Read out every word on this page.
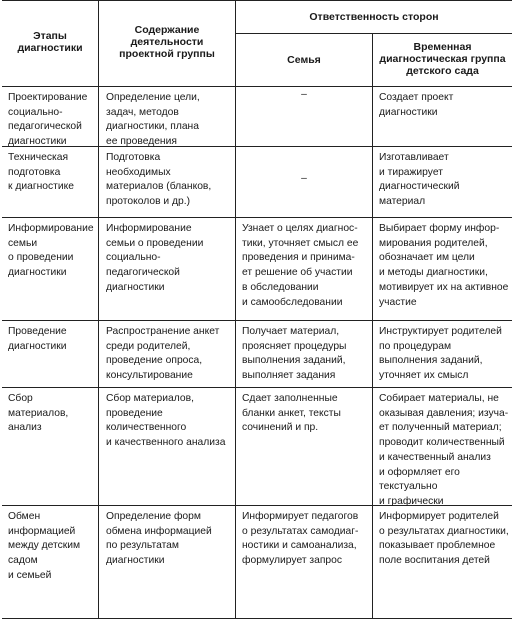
Этапы
диагностики
Содержание
деятельности
проектной группы
Ответственность сторон
Семья
Временная
диагностическая группа
детского сада
Проектирование
социально-
педагогической
диагностики
Определение цели,
задач, методов
диагностики, плана
ее проведения
–	Создает проект
диагностики
Техническая
подготовка
к диагностике
Подготовка
необходимых
материалов (бланков,
протоколов и др.)
–
Изготавливает
и тиражирует
диагностический
материал
Информирование
семьи
о проведении
диагностики
Информирование
семьи о проведении
социально-
педагогической
диагностики
Узнает о целях диагнос-
тики, уточняет смысл ее
проведения и принима-
ет решение об участии
в обследовании
и самообследовании
Выбирает форму инфор-
мирования родителей,
обозначает им цели
и методы диагностики,
мотивирует их на активное
участие
Проведение
диагностики
Распространение анкет
среди родителей,
проведение опроса,
консультирование
Получает материал,
проясняет процедуры
выполнения заданий,
выполняет задания
Инструктирует родителей
по процедурам
выполнения заданий,
уточняет их смысл
Сбор
материалов,
анализ
Сбор материалов,
проведение
количественного
и качественного анализа
Сдает заполненные
бланки анкет, тексты
сочинений и пр.
Собирает материалы, не
оказывая давления; изуча-
ет полученный материал;
проводит количественный
и качественный анализ
и оформляет его текстуально
и графически
Обмен
информацией
между детским
садом
и семьей
Определение форм
обмена информацией
по результатам
диагностики
Информирует педагогов
о результатах самодиаг-
ностики и самоанализа,
формулирует запрос
Информирует родителей
о результатах диагностики,
показывает проблемное
поле воспитания детей
